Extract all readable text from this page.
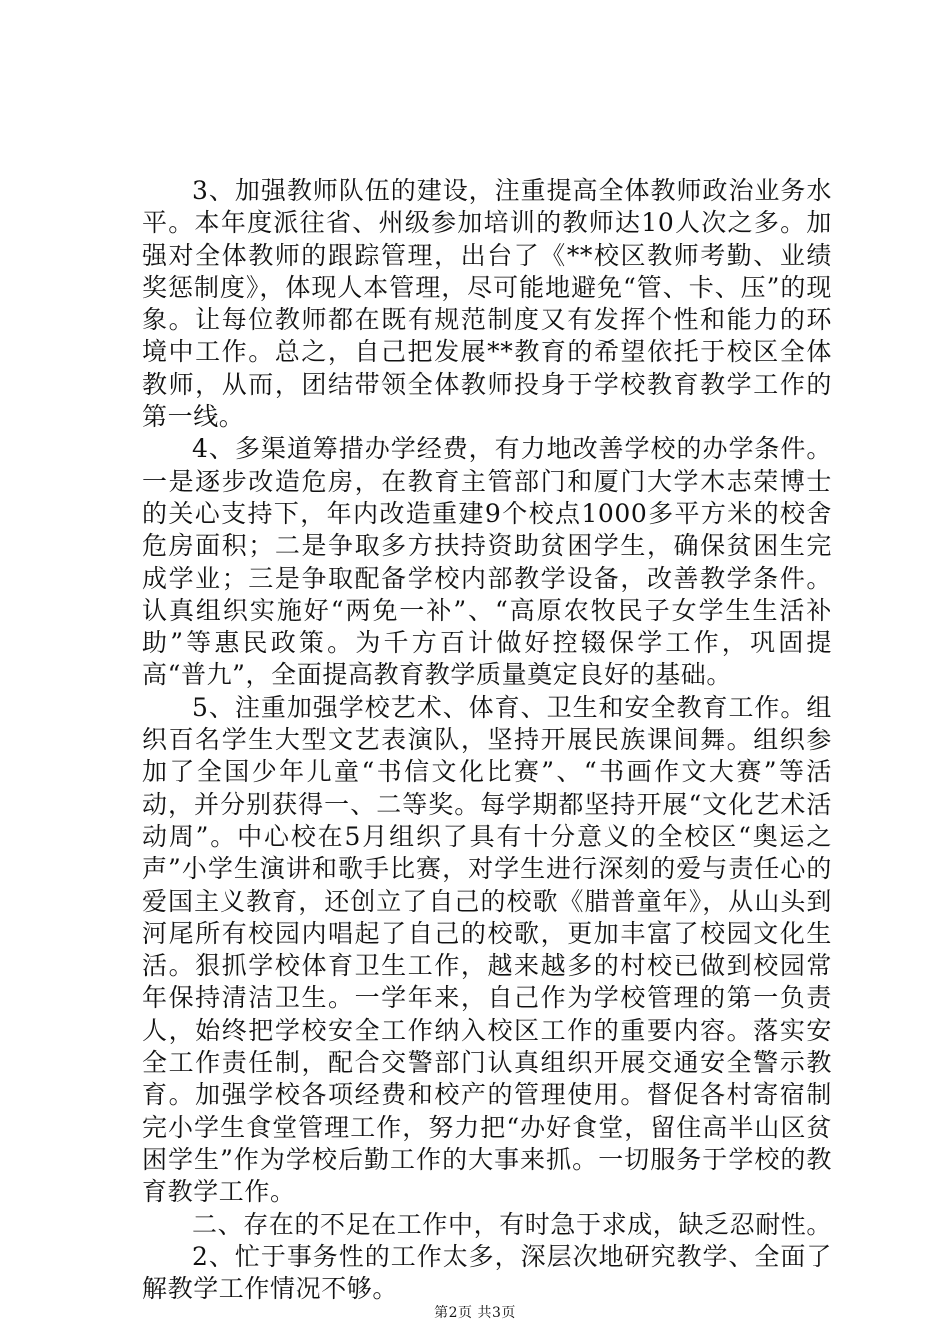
3、加强教师队伍的建设，注重提高全体教师政治业务水平。本年度派往省、州级参加培训的教师达10人次之多。加强对全体教师的跟踪管理，出台了《**校区教师考勤、业绩奖惩制度》，体现人本管理，尽可能地避免“管、卡、压”的现象。让每位教师都在既有规范制度又有发挥个性和能力的环境中工作。总之，自己把发展**教育的希望依托于校区全体教师，从而，团结带领全体教师投身于学校教育教学工作的第一线。

4、多渠道筹措办学经费，有力地改善学校的办学条件。一是逐步改造危房，在教育主管部门和厦门大学木志荣博士的关心支持下，年内改造重建9个校点1000多平方米的校舍危房面积；二是争取多方扶持资助贫困学生，确保贫困生完成学业；三是争取配备学校内部教学设备，改善教学条件。认真组织实施好“两免一补”、“高原农牧民子女学生生活补助”等惠民政策。为千方百计做好控辍保学工作，巩固提高“普九”，全面提高教育教学质量奠定良好的基础。

5、注重加强学校艺术、体育、卫生和安全教育工作。组织百名学生大型文艺表演队，坚持开展民族课间舞。组织参加了全国少年儿童“书信文化比赛”、“书画作文大赛”等活动，并分别获得一、二等奖。每学期都坚持开展“文化艺术活动周”。中心校在5月组织了具有十分意义的全校区“奥运之声”小学生演讲和歌手比赛，对学生进行深刻的爱与责任心的爱国主义教育，还创立了自己的校歌《腊普童年》，从山头到河尾所有校园内唱起了自己的校歌，更加丰富了校园文化生活。狠抓学校体育卫生工作，越来越多的村校已做到校园常年保持清洁卫生。一学年来，自己作为学校管理的第一负责人，始终把学校安全工作纳入校区工作的重要内容。落实安全工作责任制，配合交警部门认真组织开展交通安全警示教育。加强学校各项经费和校产的管理使用。督促各村寄宿制完小学生食堂管理工作，努力把“办好食堂，留住高半山区贫困学生”作为学校后勤工作的大事来抓。一切服务于学校的教育教学工作。

二、存在的不足在工作中，有时急于求成，缺乏忍耐性。

2、忙于事务性的工作太多，深层次地研究教学、全面了解教学工作情况不够。

第2页 共3页
